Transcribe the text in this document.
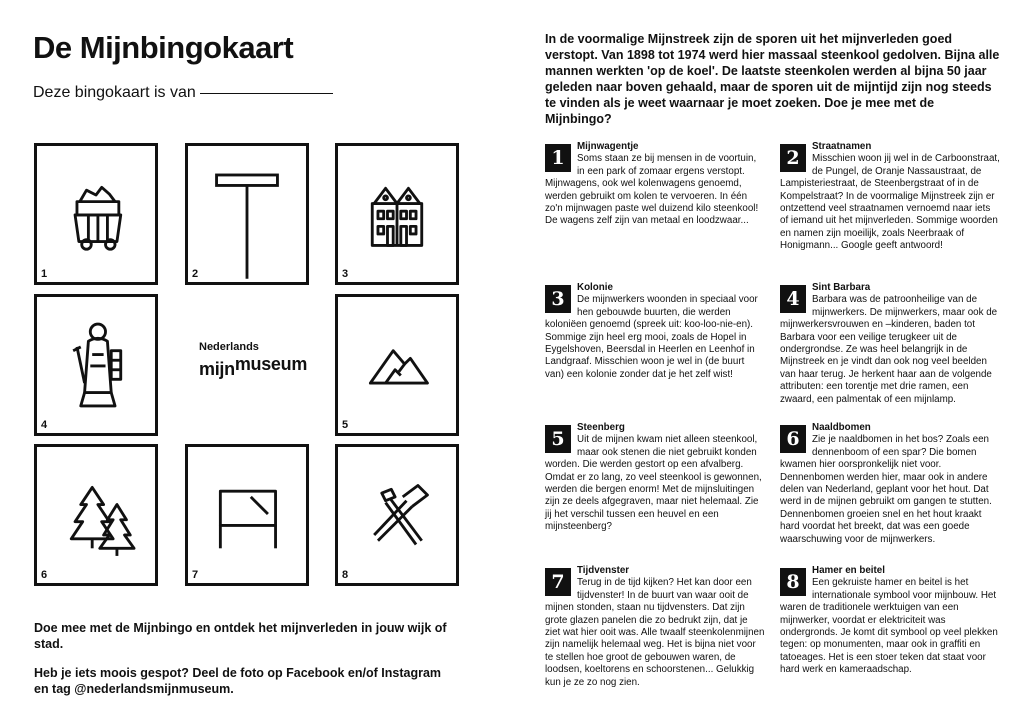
De Mijnbingokaart
Deze bingokaart is van
1	2	3
4
Nederlands
mijnmuseum
5
6	7	8

Doe mee met de Mijnbingo en ontdek het mijnverleden in jouw wijk of stad.

Heb je iets moois gespot? Deel de foto op Facebook en/of Instagram en tag @nederlandsmijnmuseum.

In de voormalige Mijnstreek zijn de sporen uit het mijnverleden goed verstopt. Van 1898 tot 1974 werd hier massaal steenkool gedolven. Bijna alle mannen werkten 'op de koel'. De laatste steenkolen werden al bijna 50 jaar geleden naar boven gehaald, maar de sporen uit de mijntijd zijn nog steeds te vinden als je weet waarnaar je moet zoeken. Doe je mee met de Mijnbingo?

1
Mijnwagentje
Soms staan ze bij mensen in de voortuin, in een park of zomaar ergens verstopt. Mijnwagens, ook wel kolenwagens genoemd, werden gebruikt om kolen te vervoeren. In één zo'n mijnwagen paste wel duizend kilo steenkool! De wagens zelf zijn van metaal en loodzwaar...
2
Straatnamen
Misschien woon jij wel in de Carboonstraat, de Pungel, de Oranje Nassaustraat, de Lampisteriestraat, de Steenbergstraat of in de Kompelstraat? In de voormalige Mijnstreek zijn er ontzettend veel straatnamen vernoemd naar iets of iemand uit het mijnverleden. Sommige woorden en namen zijn moeilijk, zoals Neerbraak of Honigmann... Google geeft antwoord!
3
Kolonie
De mijnwerkers woonden in speciaal voor hen gebouwde buurten, die werden koloniëen genoemd (spreek uit: koo-loo-nie-en). Sommige zijn heel erg mooi, zoals de Hopel in Eygelshoven, Beersdal in Heerlen en Leenhof in Landgraaf. Misschien woon je wel in (de buurt van) een kolonie zonder dat je het zelf wist!
4
Sint Barbara
Barbara was de patroonheilige van de mijnwerkers. De mijnwerkers, maar ook de mijnwerkersvrouwen en –kinderen, baden tot Barbara voor een veilige terugkeer uit de ondergrondse. Ze was heel belangrijk in de Mijnstreek en je vindt dan ook nog veel beelden van haar terug. Je herkent haar aan de volgende attributen: een torentje met drie ramen, een zwaard, een palmentak of een mijnlamp.
5
Steenberg
Uit de mijnen kwam niet alleen steenkool, maar ook stenen die niet gebruikt konden worden. Die werden gestort op een afvalberg. Omdat er zo lang, zo veel steenkool is gewonnen, werden die bergen enorm! Met de mijnsluitingen zijn ze deels afgegraven, maar niet helemaal. Zie jij het verschil tussen een heuvel en een mijnsteenberg?
6
Naaldbomen
Zie je naaldbomen in het bos? Zoals een dennenboom of een spar? Die bomen kwamen hier oorspronkelijk niet voor. Dennenbomen werden hier, maar ook in andere delen van Nederland, geplant voor het hout. Dat werd in de mijnen gebruikt om gangen te stutten. Dennenbomen groeien snel en het hout kraakt hard voordat het breekt, dat was een goede waarschuwing voor de mijnwerkers.
7
Tijdvenster
Terug in de tijd kijken? Het kan door een tijdvenster! In de buurt van waar ooit de mijnen stonden, staan nu tijdvensters. Dat zijn grote glazen panelen die zo bedrukt zijn, dat je ziet wat hier ooit was. Alle twaalf steenkolenmijnen zijn namelijk helemaal weg. Het is bijna niet voor te stellen hoe groot de gebouwen waren, de loodsen, koeltorens en schoorstenen... Gelukkig kun je ze zo nog zien.
8
Hamer en beitel
Een gekruiste hamer en beitel is het internationale symbool voor mijnbouw. Het waren de traditionele werktuigen van een mijnwerker, voordat er elektriciteit was ondergronds. Je komt dit symbool op veel plekken tegen: op monumenten, maar ook in graffiti en tatoeages. Het is een stoer teken dat staat voor hard werk en kameraadschap.
